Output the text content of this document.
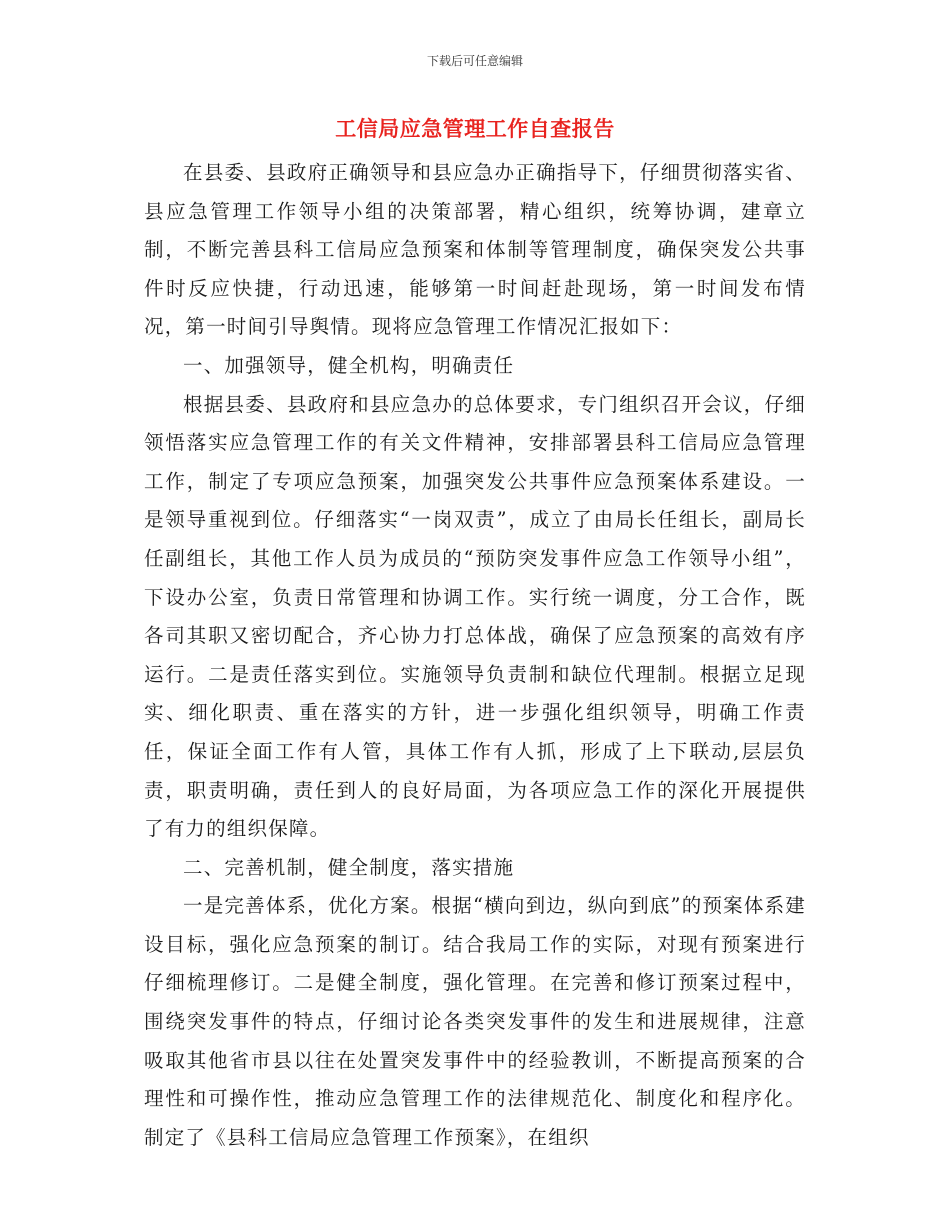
下载后可任意编辑
工信局应急管理工作自查报告

在县委、县政府正确领导和县应急办正确指导下，仔细贯彻落实省、县应急管理工作领导小组的决策部署，精心组织，统筹协调，建章立制，不断完善县科工信局应急预案和体制等管理制度，确保突发公共事件时反应快捷，行动迅速，能够第一时间赶赴现场，第一时间发布情况，第一时间引导舆情。现将应急管理工作情况汇报如下：

一、加强领导，健全机构，明确责任

根据县委、县政府和县应急办的总体要求，专门组织召开会议，仔细领悟落实应急管理工作的有关文件精神，安排部署县科工信局应急管理工作，制定了专项应急预案，加强突发公共事件应急预案体系建设。一是领导重视到位。仔细落实“一岗双责”，成立了由局长任组长，副局长任副组长，其他工作人员为成员的“预防突发事件应急工作领导小组”，下设办公室，负责日常管理和协调工作。实行统一调度，分工合作，既各司其职又密切配合，齐心协力打总体战，确保了应急预案的高效有序运行。二是责任落实到位。实施领导负责制和缺位代理制。根据立足现实、细化职责、重在落实的方针，进一步强化组织领导，明确工作责任，保证全面工作有人管，具体工作有人抓，形成了上下联动,层层负责，职责明确，责任到人的良好局面，为各项应急工作的深化开展提供了有力的组织保障。

二、完善机制，健全制度，落实措施

一是完善体系，优化方案。根据“横向到边，纵向到底”的预案体系建设目标，强化应急预案的制订。结合我局工作的实际，对现有预案进行仔细梳理修订。二是健全制度，强化管理。在完善和修订预案过程中，围绕突发事件的特点，仔细讨论各类突发事件的发生和进展规律，注意吸取其他省市县以往在处置突发事件中的经验教训，不断提高预案的合理性和可操作性，推动应急管理工作的法律规范化、制度化和程序化。制定了《县科工信局应急管理工作预案》，在组织
